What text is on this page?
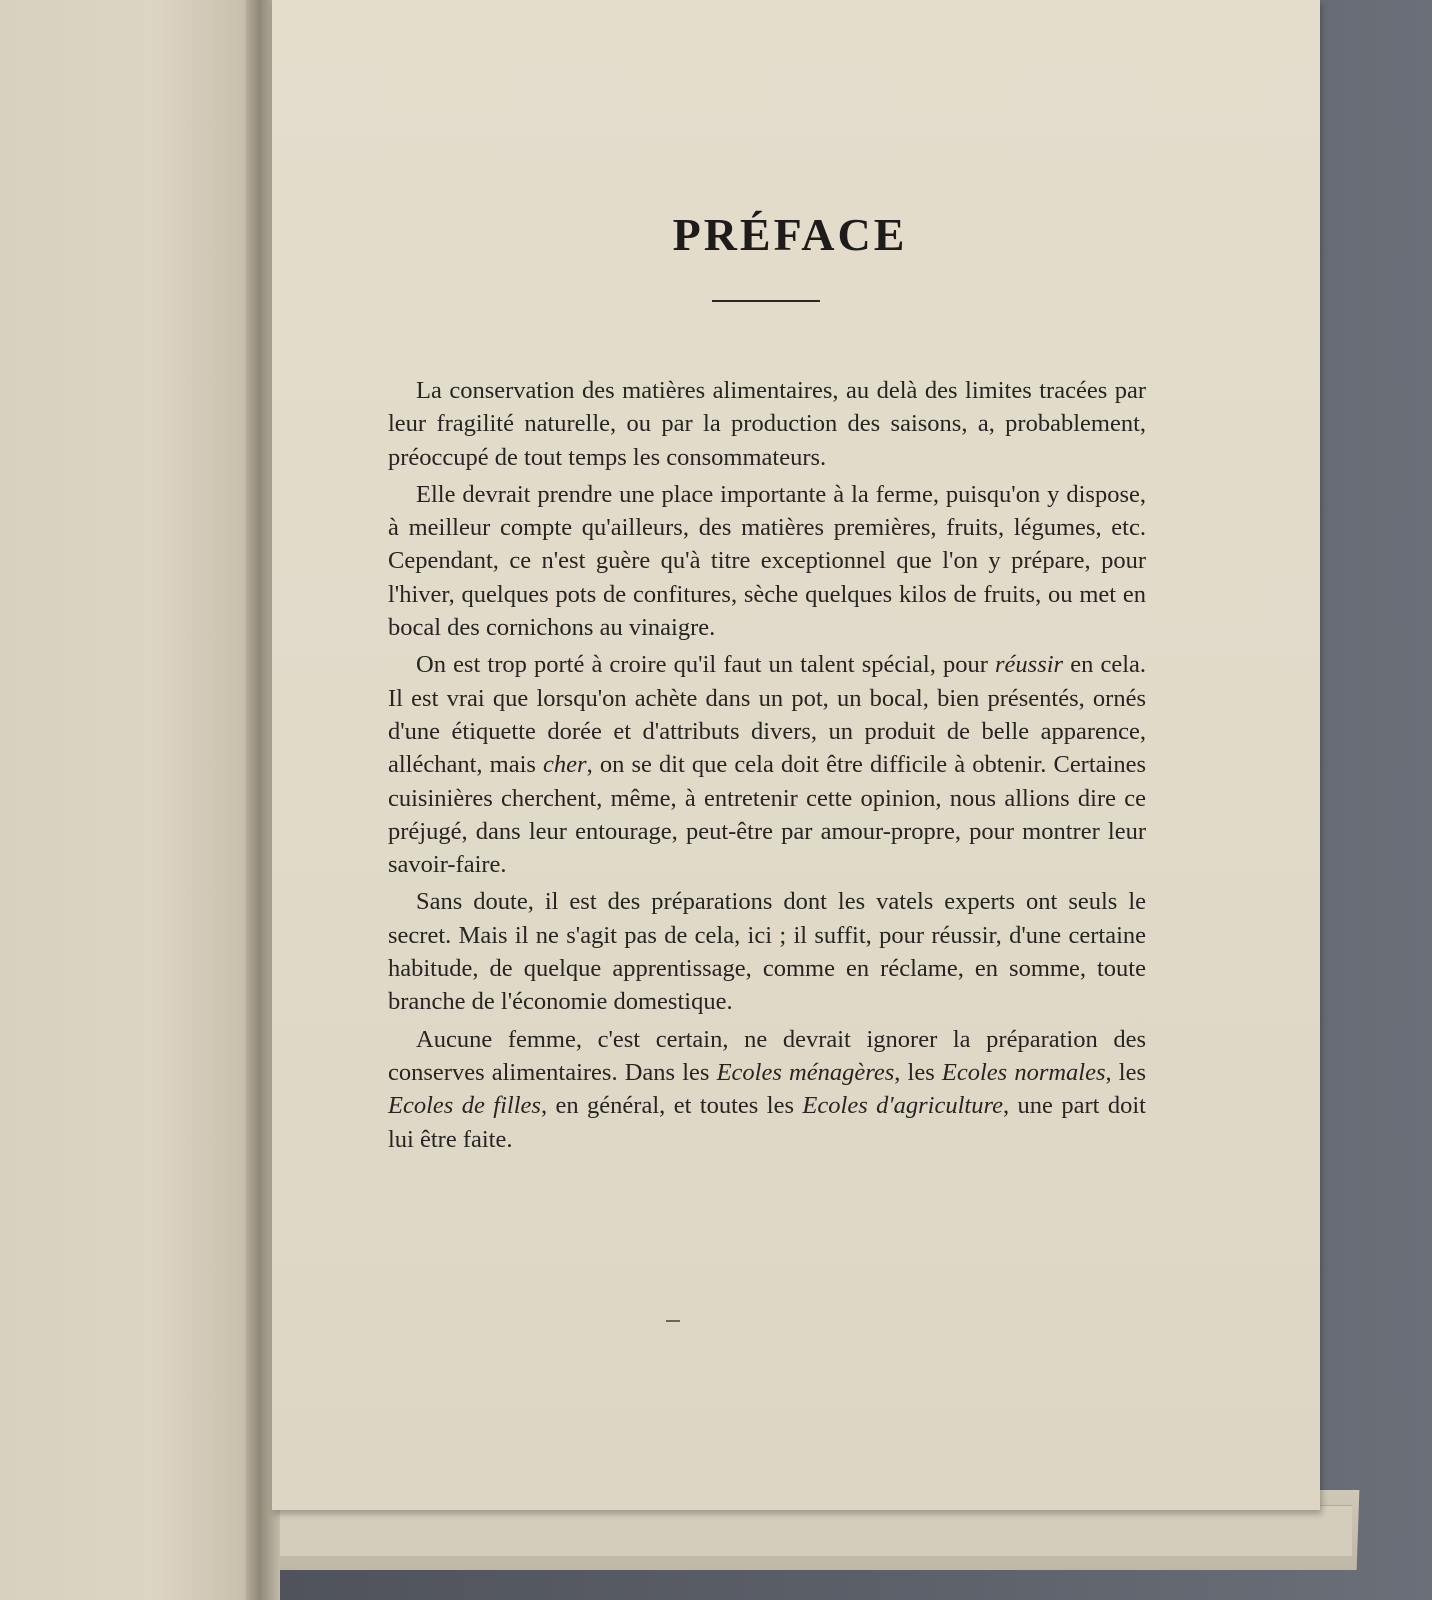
PRÉFACE

La conservation des matières alimentaires, au delà des limites tracées par leur fragilité naturelle, ou par la production des saisons, a, probablement, préoccupé de tout temps les consommateurs.

Elle devrait prendre une place importante à la ferme, puisqu'on y dispose, à meilleur compte qu'ailleurs, des matières premières, fruits, légumes, etc. Cependant, ce n'est guère qu'à titre exceptionnel que l'on y prépare, pour l'hiver, quelques pots de confitures, sèche quelques kilos de fruits, ou met en bocal des cornichons au vinaigre.

On est trop porté à croire qu'il faut un talent spécial, pour réussir en cela. Il est vrai que lorsqu'on achète dans un pot, un bocal, bien présentés, ornés d'une étiquette dorée et d'attributs divers, un produit de belle apparence, alléchant, mais cher, on se dit que cela doit être difficile à obtenir. Certaines cuisinières cherchent, même, à entretenir cette opinion, nous allions dire ce préjugé, dans leur entourage, peut-être par amour-propre, pour montrer leur savoir-faire.

Sans doute, il est des préparations dont les vatels experts ont seuls le secret. Mais il ne s'agit pas de cela, ici ; il suffit, pour réussir, d'une certaine habitude, de quelque apprentissage, comme en réclame, en somme, toute branche de l'économie domestique.

Aucune femme, c'est certain, ne devrait ignorer la préparation des conserves alimentaires. Dans les Ecoles ménagères, les Ecoles normales, les Ecoles de filles, en général, et toutes les Ecoles d'agriculture, une part doit lui être faite.
